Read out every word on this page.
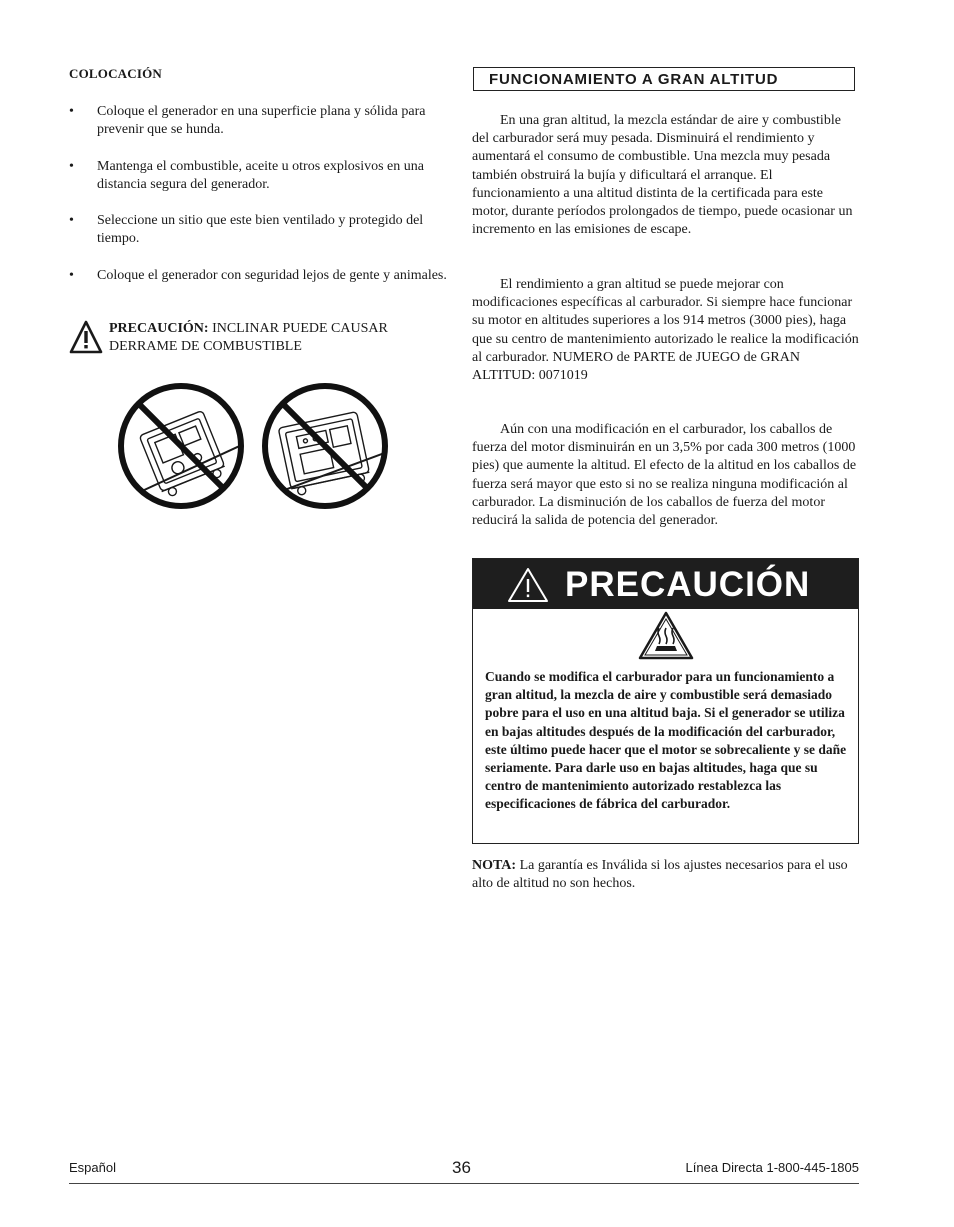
COLOCACIÓN
•	Coloque el generador en una superficie plana y sólida para prevenir que se hunda.
•	Mantenga el combustible, aceite u otros explosivos en una distancia segura del generador.
•	Seleccione un sitio que este bien ventilado y protegido del tiempo.
•	Coloque el generador con seguridad lejos de gente y animales.
PRECAUCIÓN: INCLINAR PUEDE CAUSAR DERRAME DE COMBUSTIBLE
FUNCIONAMIENTO A GRAN ALTITUD

En una gran altitud, la mezcla estándar de aire y combustible del carburador será muy pesada. Disminuirá el rendimiento y aumentará el consumo de combustible. Una mezcla muy pesada también obstruirá la bujía y dificultará el arranque. El funcionamiento a una altitud distinta de la certificada para este motor, durante períodos prolongados de tiempo, puede ocasionar un incremento en las emisiones de escape.

El rendimiento a gran altitud se puede mejorar con modificaciones específicas al carburador. Si siempre hace funcionar su motor en altitudes superiores a los 914 metros (3000 pies), haga que su centro de mantenimiento autorizado le realice la modificación al carburador. NUMERO de PARTE de JUEGO de GRAN ALTITUD: 0071019

Aún con una modificación en el carburador, los caballos de fuerza del motor disminuirán en un 3,5% por cada 300 metros (1000 pies) que aumente la altitud. El efecto de la altitud en los caballos de fuerza será mayor que esto si no se realiza ninguna modificación al carburador. La disminución de los caballos de fuerza del motor reducirá la salida de potencia del generador.

PRECAUCIÓN
Cuando se modifica el carburador para un funcionamiento a gran altitud, la mezcla de aire y combustible será demasiado pobre para el uso en una altitud baja. Si el generador se utiliza en bajas altitudes después de la modificación del carburador, este último puede hacer que el motor se sobrecaliente y se dañe seriamente. Para darle uso en bajas altitudes, haga que su centro de mantenimiento autorizado restablezca las especificaciones de fábrica del carburador.
NOTA: La garantía es Inválida si los ajustes necesarios para el uso alto de altitud no son hechos.
Español	36	Línea Directa 1-800-445-1805
